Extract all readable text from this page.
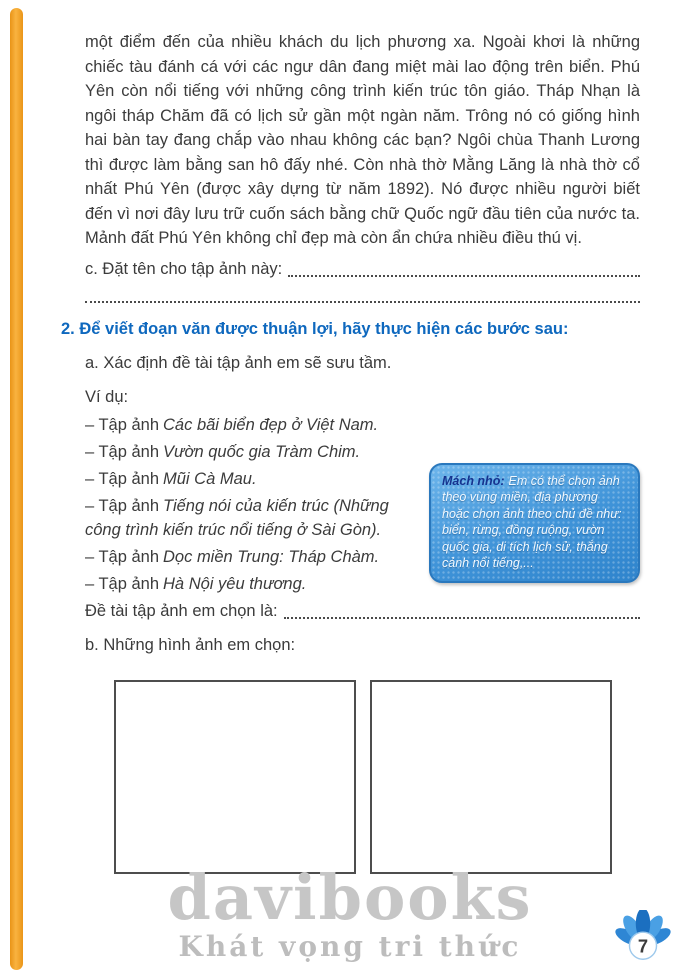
một điểm đến của nhiều khách du lịch phương xa. Ngoài khơi là những chiếc tàu đánh cá với các ngư dân đang miệt mài lao động trên biển. Phú Yên còn nổi tiếng với những công trình kiến trúc tôn giáo. Tháp Nhạn là ngôi tháp Chăm đã có lịch sử gần một ngàn năm. Trông nó có giống hình hai bàn tay đang chắp vào nhau không các bạn? Ngôi chùa Thanh Lương thì được làm bằng san hô đấy nhé. Còn nhà thờ Mằng Lăng là nhà thờ cổ nhất Phú Yên (được xây dựng từ năm 1892). Nó được nhiều người biết đến vì nơi đây lưu trữ cuốn sách bằng chữ Quốc ngữ đầu tiên của nước ta. Mảnh đất Phú Yên không chỉ đẹp mà còn ẩn chứa nhiều điều thú vị.

c. Đặt tên cho tập ảnh này:
2. Để viết đoạn văn được thuận lợi, hãy thực hiện các bước sau:

a. Xác định đề tài tập ảnh em sẽ sưu tầm.

Ví dụ:

Mách nhỏ: Em có thể chọn ảnh theo vùng miền, địa phương hoặc chọn ảnh theo chủ đề như: biển, rừng, đồng ruộng, vườn quốc gia, di tích lịch sử, thắng cảnh nổi tiếng,...
– Tập ảnh Các bãi biển đẹp ở Việt Nam.
– Tập ảnh Vườn quốc gia Tràm Chim.
– Tập ảnh Mũi Cà Mau.
– Tập ảnh Tiếng nói của kiến trúc (Những công trình kiến trúc nổi tiếng ở Sài Gòn).
– Tập ảnh Dọc miền Trung: Tháp Chàm.
– Tập ảnh Hà Nội yêu thương.
Đề tài tập ảnh em chọn là:

b. Những hình ảnh em chọn:

davibooks
Khát vọng tri thức	7
